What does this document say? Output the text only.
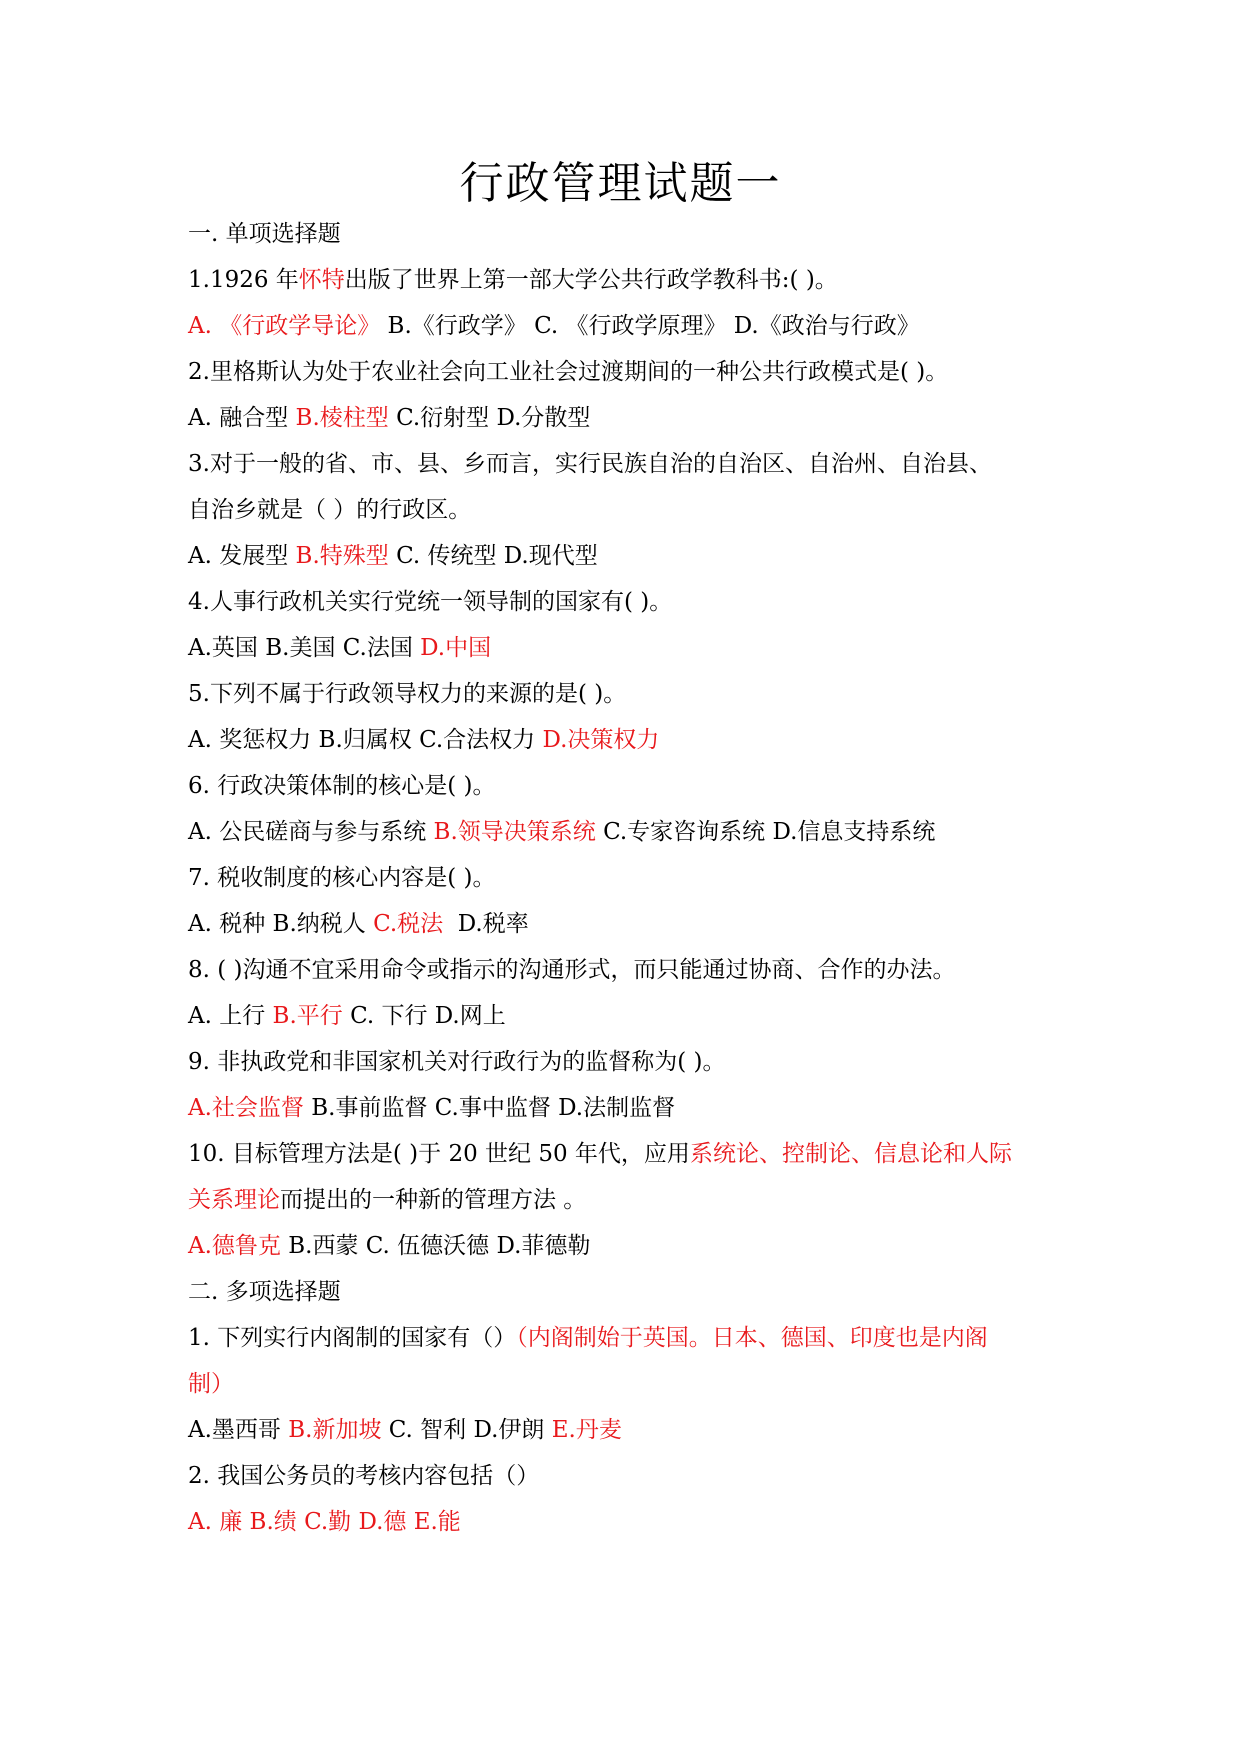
行政管理试题一
一. 单项选择题
1.1926 年怀特出版了世界上第一部大学公共行政学教科书:( )。
A. 《行政学导论》 B.《行政学》 C. 《行政学原理》 D.《政治与行政》
2.里格斯认为处于农业社会向工业社会过渡期间的一种公共行政模式是( )。
A. 融合型 B.棱柱型 C.衍射型 D.分散型
3.对于一般的省、市、县、乡而言，实行民族自治的自治区、自治州、自治县、
自治乡就是（ ）的行政区。
A. 发展型 B.特殊型 C. 传统型 D.现代型
4.人事行政机关实行党统一领导制的国家有( )。
A.英国 B.美国 C.法国 D.中国
5.下列不属于行政领导权力的来源的是( )。
A. 奖惩权力 B.归属权 C.合法权力 D.决策权力
6. 行政决策体制的核心是( )。
A. 公民磋商与参与系统 B.领导决策系统 C.专家咨询系统 D.信息支持系统
7. 税收制度的核心内容是( )。
A. 税种 B.纳税人 C.税法  D.税率
8. ( )沟通不宜采用命令或指示的沟通形式，而只能通过协商、合作的办法。
A. 上行 B.平行 C. 下行 D.网上
9. 非执政党和非国家机关对行政行为的监督称为( )。
A.社会监督 B.事前监督 C.事中监督 D.法制监督
10. 目标管理方法是( )于 20 世纪 50 年代，应用系统论、控制论、信息论和人际
关系理论而提出的一种新的管理方法 。
A.德鲁克 B.西蒙 C. 伍德沃德 D.菲德勒
二. 多项选择题
1. 下列实行内阁制的国家有（）（内阁制始于英国。日本、德国、印度也是内阁
制）
A.墨西哥 B.新加坡 C. 智利 D.伊朗 E.丹麦
2. 我国公务员的考核内容包括（）
A. 廉 B.绩 C.勤 D.德 E.能
